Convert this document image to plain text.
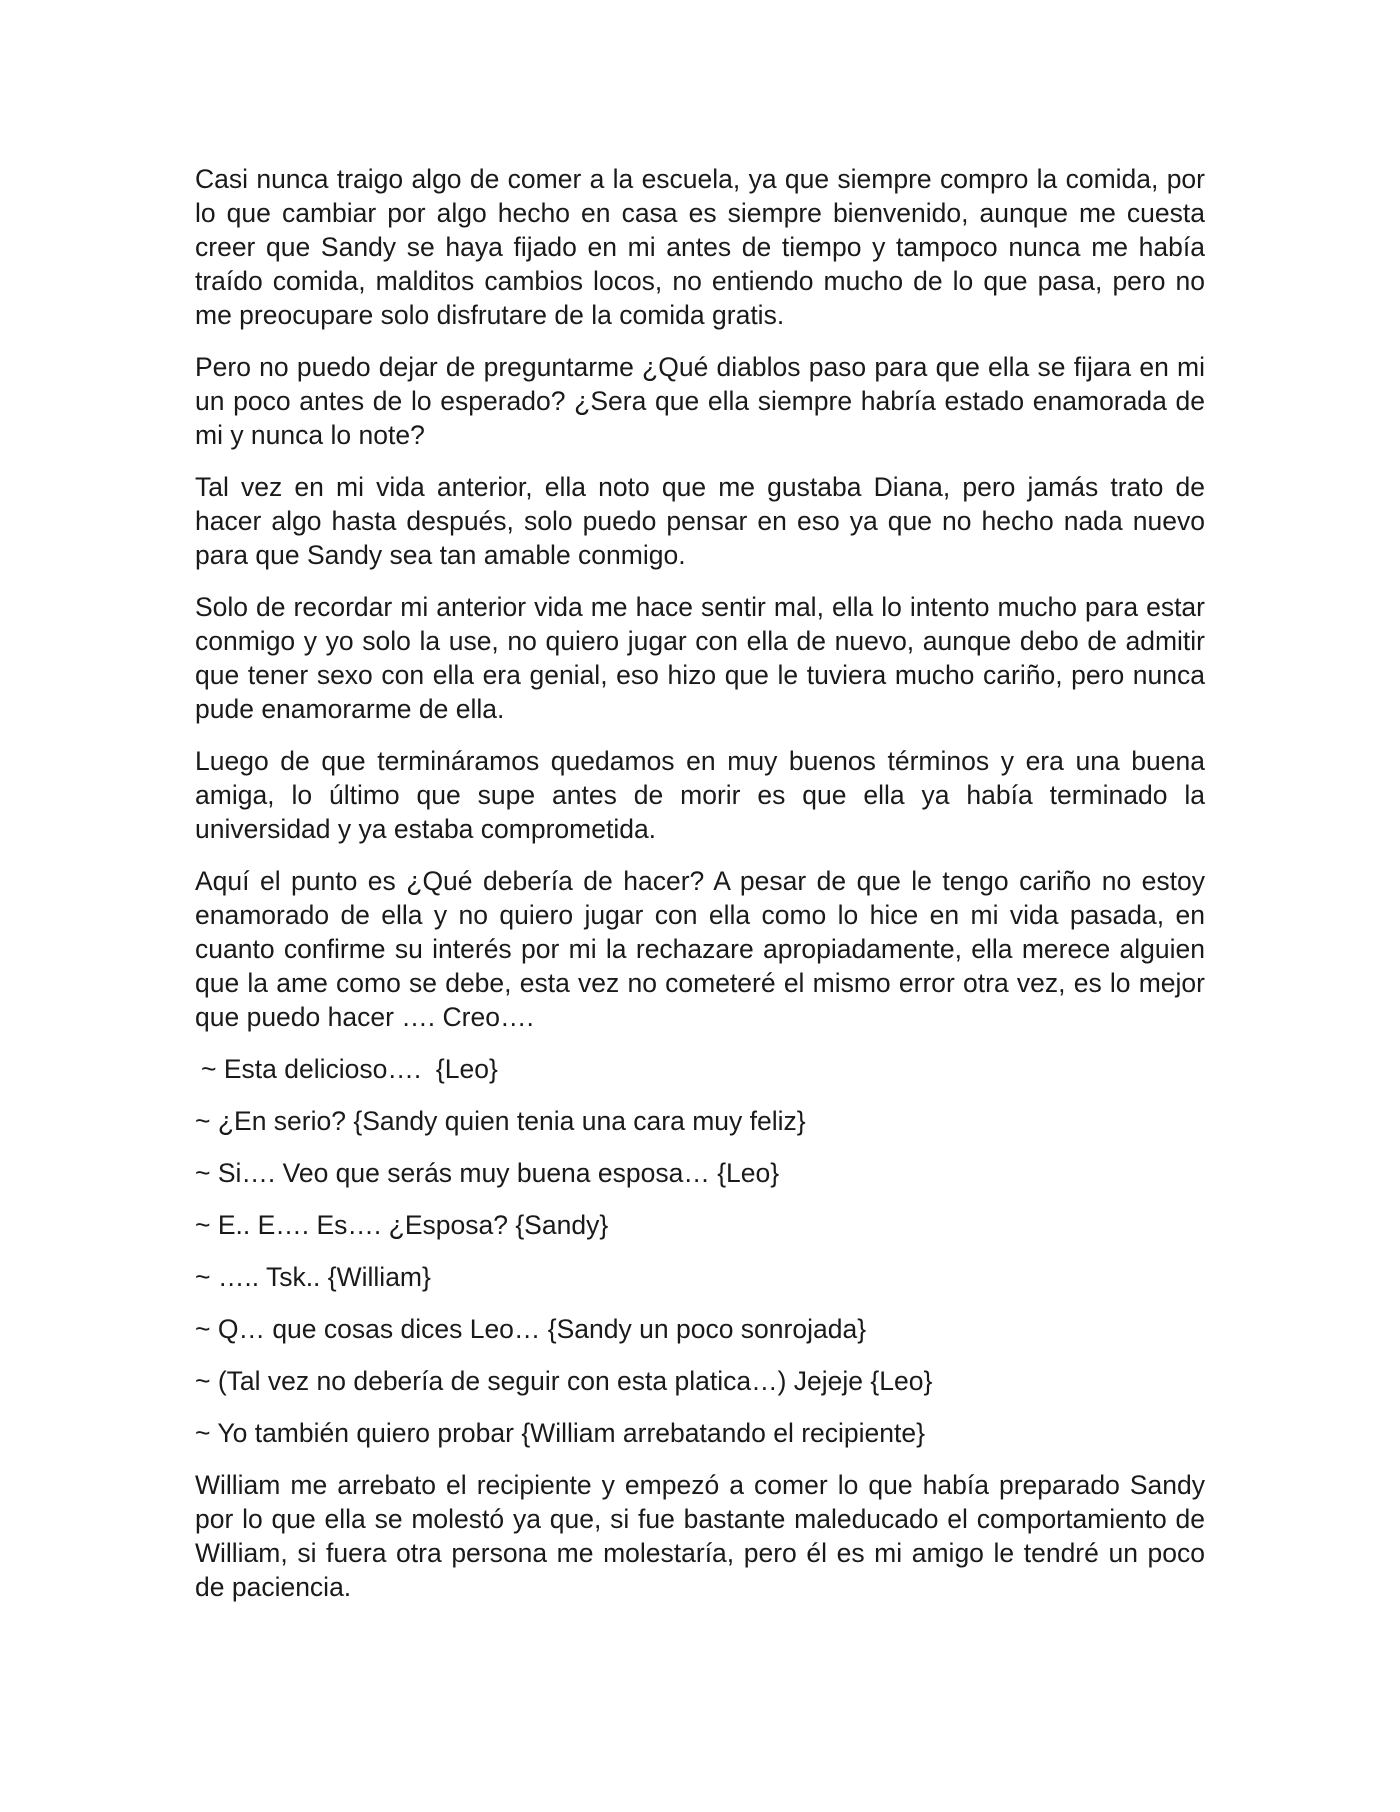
Casi nunca traigo algo de comer a la escuela, ya que siempre compro la comida, por lo que cambiar por algo hecho en casa es siempre bienvenido, aunque me cuesta creer que Sandy se haya fijado en mi antes de tiempo y tampoco nunca me había traído comida, malditos cambios locos, no entiendo mucho de lo que pasa, pero no me preocupare solo disfrutare de la comida gratis.

Pero no puedo dejar de preguntarme ¿Qué diablos paso para que ella se fijara en mi un poco antes de lo esperado? ¿Sera que ella siempre habría estado enamorada de mi y nunca lo note?

Tal vez en mi vida anterior, ella noto que me gustaba Diana, pero jamás trato de hacer algo hasta después, solo puedo pensar en eso ya que no hecho nada nuevo para que Sandy sea tan amable conmigo.

Solo de recordar mi anterior vida me hace sentir mal, ella lo intento mucho para estar conmigo y yo solo la use, no quiero jugar con ella de nuevo, aunque debo de admitir que tener sexo con ella era genial, eso hizo que le tuviera mucho cariño, pero nunca pude enamorarme de ella.

Luego de que termináramos quedamos en muy buenos términos y era una buena amiga, lo último que supe antes de morir es que ella ya había terminado la universidad y ya estaba comprometida.

Aquí el punto es ¿Qué debería de hacer? A pesar de que le tengo cariño no estoy enamorado de ella y no quiero jugar con ella como lo hice en mi vida pasada, en cuanto confirme su interés por mi la rechazare apropiadamente, ella merece alguien que la ame como se debe, esta vez no cometeré el mismo error otra vez, es lo mejor que puedo hacer …. Creo….

~ Esta delicioso….  {Leo}

~ ¿En serio? {Sandy quien tenia una cara muy feliz}

~ Si…. Veo que serás muy buena esposa… {Leo}

~ E.. E…. Es…. ¿Esposa? {Sandy}

~ ….. Tsk.. {William}

~ Q… que cosas dices Leo… {Sandy un poco sonrojada}

~ (Tal vez no debería de seguir con esta platica…) Jejeje {Leo}

~ Yo también quiero probar {William arrebatando el recipiente}

William me arrebato el recipiente y empezó a comer lo que había preparado Sandy por lo que ella se molestó ya que, si fue bastante maleducado el comportamiento de William, si fuera otra persona me molestaría, pero él es mi amigo le tendré un poco de paciencia.
